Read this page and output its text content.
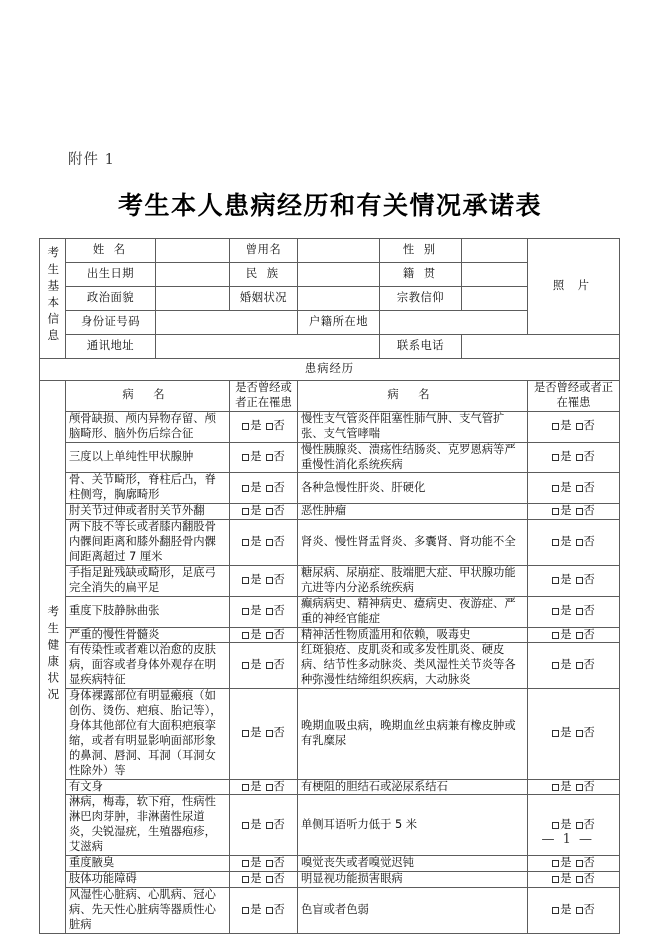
附件 1
考生本人患病经历和有关情况承诺表
考生基本信息	姓 名		曾用名		性 别		照 片
	出生日期		民 族		籍 贯		
	政治面貌		婚姻状况		宗教信仰		
	身份证号码			户籍所在地			
	通讯地址				联系电话		
患病经历							
考生健康状况	病 名		是否曾经或者正在罹患	病 名			是否曾经或者正在罹患
	颅骨缺损、颅内异物存留、颅脑畸形、脑外伤后综合征		是 否	慢性支气管炎伴阻塞性肺气肿、支气管扩张、支气管哮喘			是 否
	三度以上单纯性甲状腺肿		是 否	慢性胰腺炎、溃疡性结肠炎、克罗恩病等严重慢性消化系统疾病			是 否
	骨、关节畸形，脊柱后凸，脊柱侧弯，胸廓畸形		是 否	各种急慢性肝炎、肝硬化			是 否
	肘关节过伸或者肘关节外翻		是 否	恶性肿瘤			是 否
	两下肢不等长或者膝内翻股骨内髁间距离和膝外翻胫骨内髁间距离超过 7 厘米		是 否	肾炎、慢性肾盂肾炎、多囊肾、肾功能不全			是 否
	手指足趾残缺或畸形，足底弓完全消失的扁平足		是 否	糖尿病、尿崩症、肢端肥大症、甲状腺功能亢进等内分泌系统疾病			是 否
	重度下肢静脉曲张		是 否	癫病病史、精神病史、癔病史、夜游症、严重的神经官能症			是 否
	严重的慢性骨髓炎		是 否	精神活性物质滥用和依赖，吸毒史			是 否
	有传染性或者难以治愈的皮肤病，面容或者身体外观存在明显疾病特征		是 否	红斑狼疮、皮肌炎和或多发性肌炎、硬皮病、结节性多动脉炎、类风湿性关节炎等各种弥漫性结缔组织疾病，大动脉炎			是 否
	身体裸露部位有明显瘢痕（如创伤、烫伤、疤痕、胎记等），身体其他部位有大面积疤痕挛缩，或者有明显影响面部形象的鼻洞、唇洞、耳洞（耳洞女性除外）等		是 否	晚期血吸虫病，晚期血丝虫病兼有橡皮肿或有乳糜尿			是 否
	有文身		是 否	有梗阻的胆结石或泌尿系结石			是 否
	淋病，梅毒，软下疳，性病性淋巴肉芽肿，非淋菌性尿道炎，尖锐湿疣，生殖器疱疹，艾滋病		是 否	单侧耳语听力低于 5 米			是 否
	重度腋臭		是 否	嗅觉丧失或者嗅觉迟钝			是 否
	肢体功能障碍		是 否	明显视功能损害眼病			是 否
	风湿性心脏病、心肌病、冠心病、先天性心脏病等器质性心脏病		是 否	色盲或者色弱			是 否
— 1 —
